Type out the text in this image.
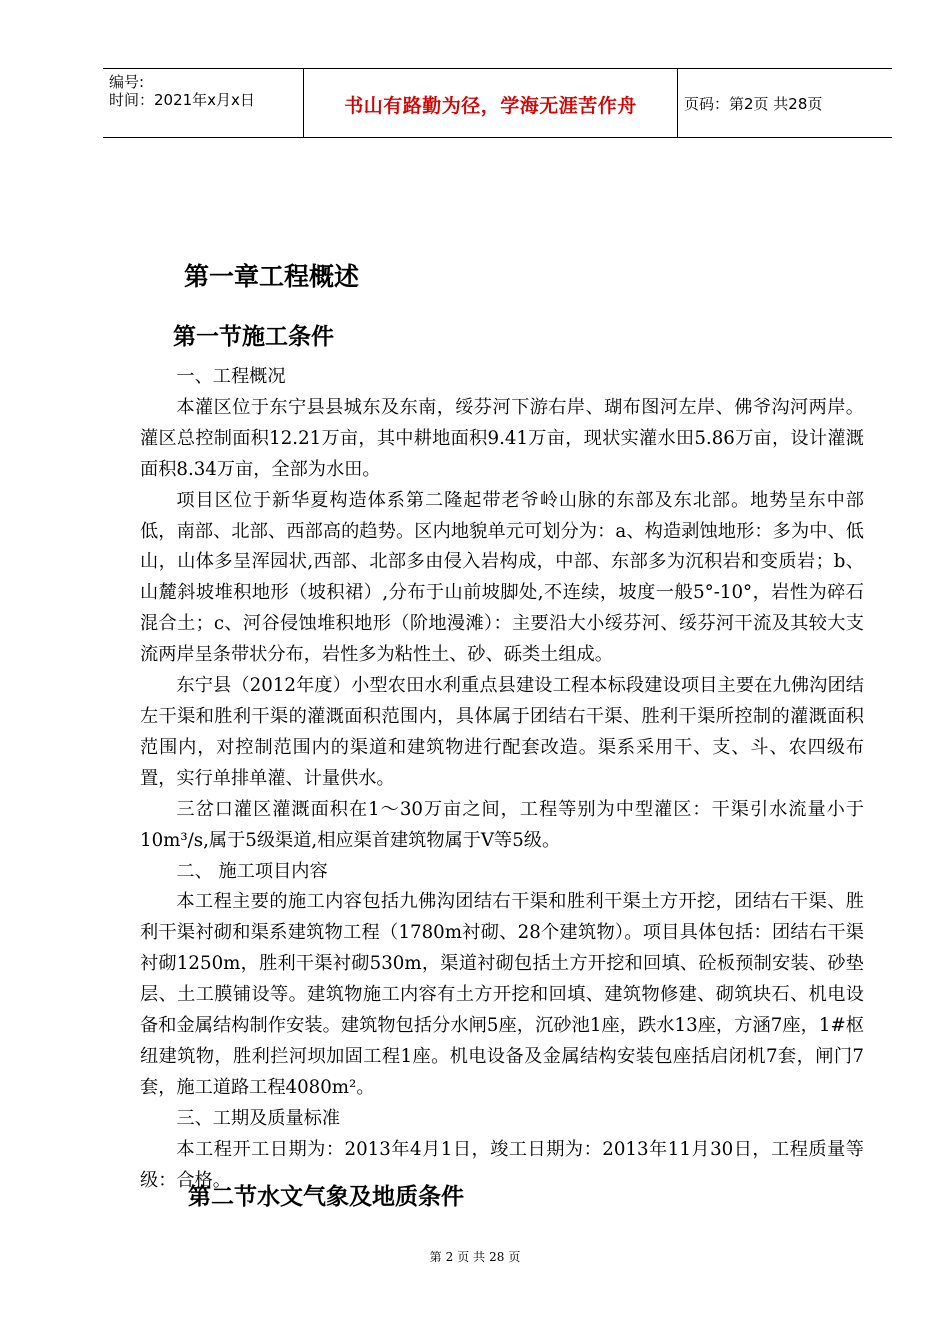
编号:
时间：2021年x月x日	书山有路勤为径，学海无涯苦作舟	页码：第2页 共28页
第一章工程概述
第一节施工条件

一、工程概况

本灌区位于东宁县县城东及东南，绥芬河下游右岸、瑚布图河左岸、佛爷沟河两岸。灌区总控制面积12.21万亩，其中耕地面积9.41万亩，现状实灌水田5.86万亩，设计灌溉面积8.34万亩，全部为水田。

项目区位于新华夏构造体系第二隆起带老爷岭山脉的东部及东北部。地势呈东中部低，南部、北部、西部高的趋势。区内地貌单元可划分为：a、构造剥蚀地形：多为中、低山，山体多呈浑园状,西部、北部多由侵入岩构成，中部、东部多为沉积岩和变质岩；b、山麓斜坡堆积地形（坡积裙）,分布于山前坡脚处,不连续，坡度一般5°-10°，岩性为碎石混合土；c、河谷侵蚀堆积地形（阶地漫滩）：主要沿大小绥芬河、绥芬河干流及其较大支流两岸呈条带状分布，岩性多为粘性土、砂、砾类土组成。

东宁县（2012年度）小型农田水利重点县建设工程本标段建设项目主要在九佛沟团结左干渠和胜利干渠的灌溉面积范围内，具体属于团结右干渠、胜利干渠所控制的灌溉面积范围内，对控制范围内的渠道和建筑物进行配套改造。渠系采用干、支、斗、农四级布置，实行单排单灌、计量供水。

三岔口灌区灌溉面积在1～30万亩之间，工程等别为中型灌区：干渠引水流量小于10m³/s,属于5级渠道,相应渠首建筑物属于Ⅴ等5级。

二、 施工项目内容

本工程主要的施工内容包括九佛沟团结右干渠和胜利干渠土方开挖，团结右干渠、胜利干渠衬砌和渠系建筑物工程（1780m衬砌、28个建筑物）。项目具体包括：团结右干渠衬砌1250m，胜利干渠衬砌530m，渠道衬砌包括土方开挖和回填、砼板预制安装、砂垫层、土工膜铺设等。建筑物施工内容有土方开挖和回填、建筑物修建、砌筑块石、机电设备和金属结构制作安装。建筑物包括分水闸5座，沉砂池1座，跌水13座，方涵7座，1#枢纽建筑物，胜利拦河坝加固工程1座。机电设备及金属结构安装包座括启闭机7套，闸门7套，施工道路工程4080m²。

三、工期及质量标准

本工程开工日期为：2013年4月1日，竣工日期为：2013年11月30日，工程质量等级：合格。

第二节水文气象及地质条件
第 2 页 共 28 页
